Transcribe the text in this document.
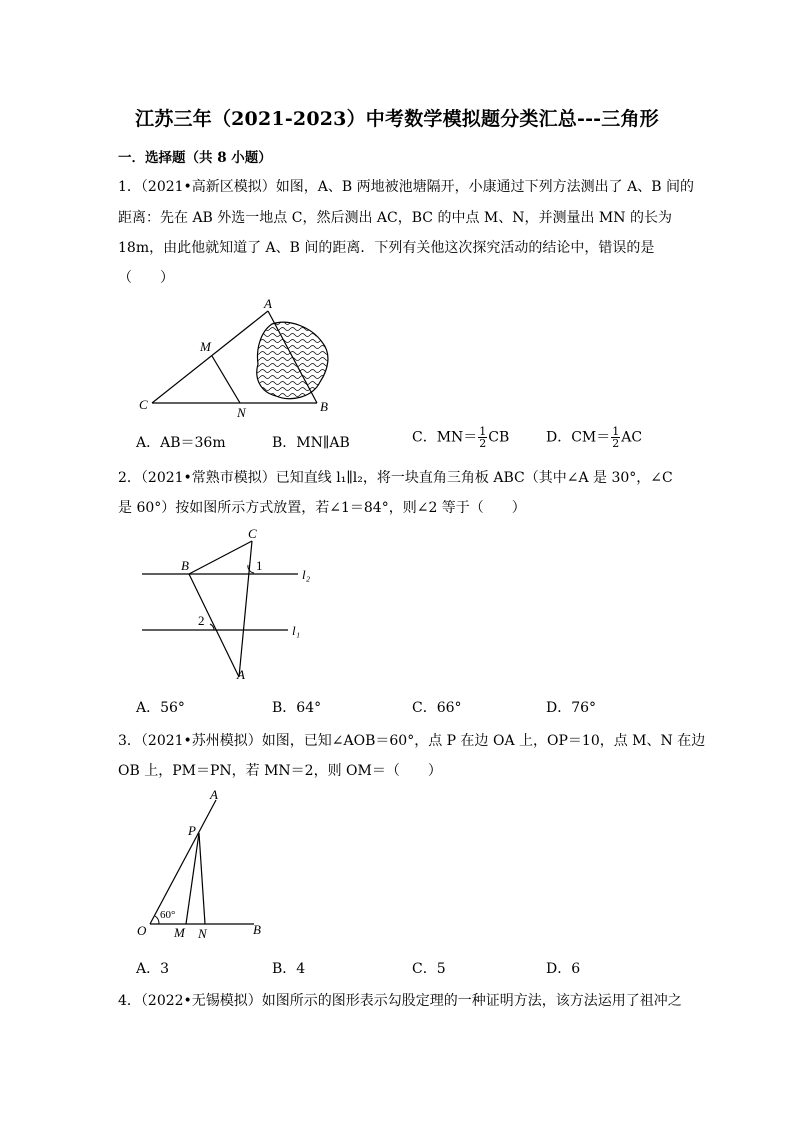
江苏三年（2021-2023）中考数学模拟题分类汇总---三角形
一．选择题（共 8 小题）
1．（2021•高新区模拟）如图，A、B 两地被池塘隔开，小康通过下列方法测出了 A、B 间的
距离：先在 AB 外选一地点 C，然后测出 AC，BC 的中点 M、N，并测量出 MN 的长为
18m，由此他就知道了 A、B 间的距离．下列有关他这次探究活动的结论中，错误的是
（　　）
A
M
C
N	B
A．AB＝36m	B．MN∥AB	C．$MN= \frac{1}{2}$ CB	D．$CM= \frac{1}{2}$ AC
2．（2021•常熟市模拟）已知直线 l₁∥l₂，将一块直角三角板 ABC（其中∠A 是 30°，∠C
是 60°）按如图所示方式放置，若∠1＝84°，则∠2 等于（　　）
C
B	1
l₂
2
l₁
A
A．56°	B．64°	C．66°	D．76°
3．（2021•苏州模拟）如图，已知∠AOB＝60°，点 P 在边 OA 上，OP＝10，点 M、N 在边
OB 上，PM＝PN，若 MN＝2，则 OM＝（　　）
A
P
60°
O M N	B
A．3	B．4	C．5	D．6
4．（2022•无锡模拟）如图所示的图形表示勾股定理的一种证明方法，该方法运用了祖冲之
